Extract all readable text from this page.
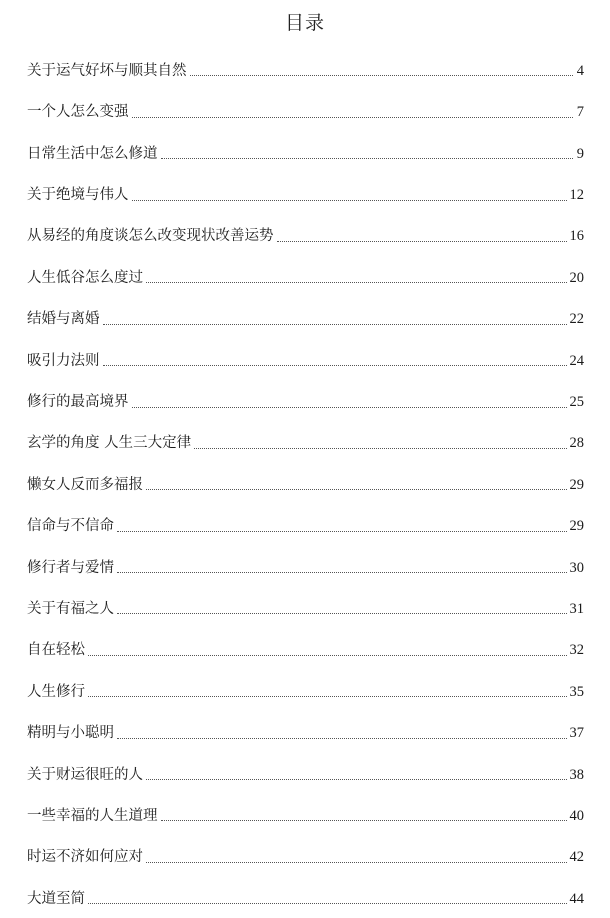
目录
关于运气好坏与顺其自然	4
一个人怎么变强	7
日常生活中怎么修道	9
关于绝境与伟人	12
从易经的角度谈怎么改变现状改善运势	16
人生低谷怎么度过	20
结婚与离婚	22
吸引力法则	24
修行的最高境界	25
玄学的角度 人生三大定律	28
懒女人反而多福报	29
信命与不信命	29
修行者与爱情	30
关于有福之人	31
自在轻松	32
人生修行	35
精明与小聪明	37
关于财运很旺的人	38
一些幸福的人生道理	40
时运不济如何应对	42
大道至简	44
